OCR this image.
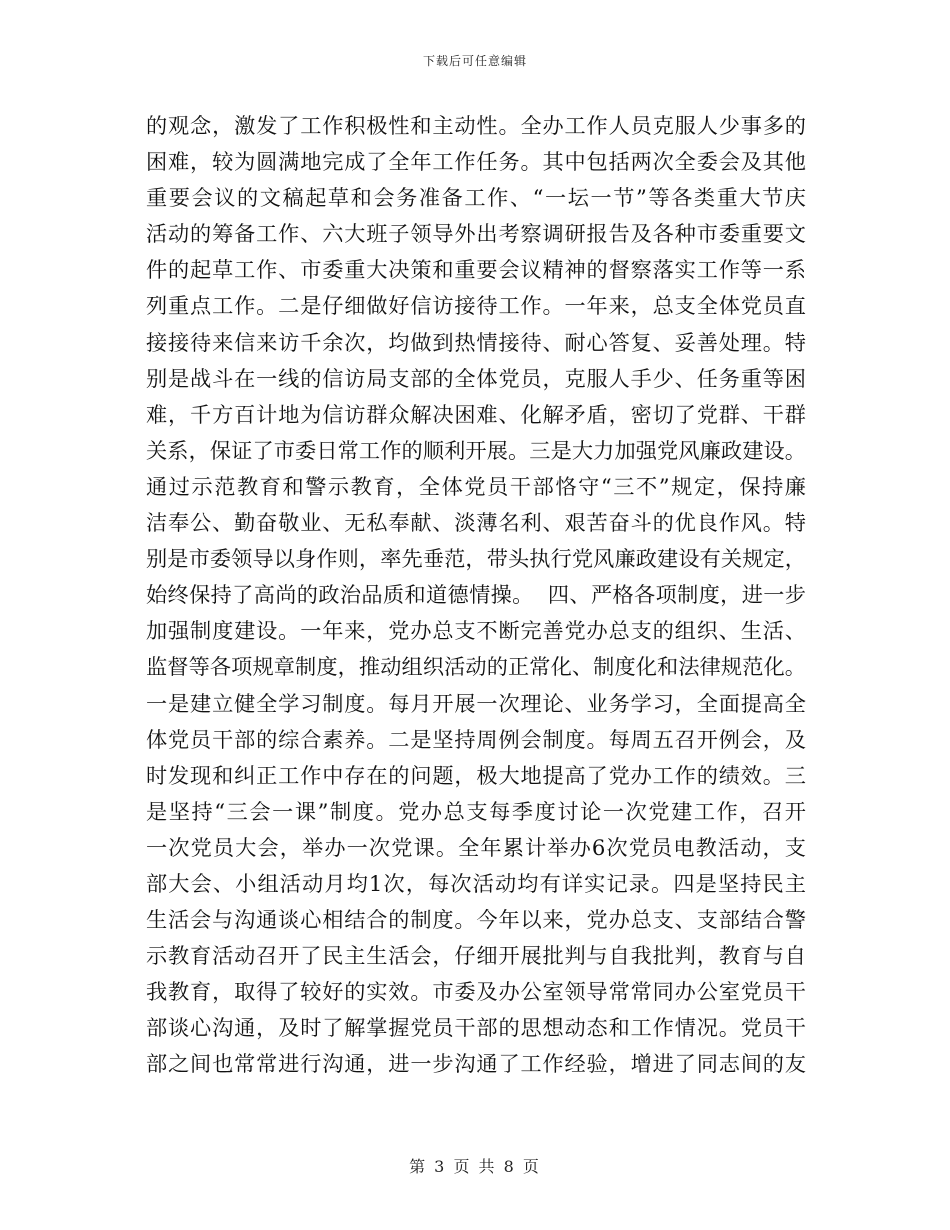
下载后可任意编辑
的观念，激发了工作积极性和主动性。全办工作人员克服人少事多的
困难，较为圆满地完成了全年工作任务。其中包括两次全委会及其他
重要会议的文稿起草和会务准备工作、“一坛一节”等各类重大节庆
活动的筹备工作、六大班子领导外出考察调研报告及各种市委重要文
件的起草工作、市委重大决策和重要会议精神的督察落实工作等一系
列重点工作。二是仔细做好信访接待工作。一年来，总支全体党员直
接接待来信来访千余次，均做到热情接待、耐心答复、妥善处理。特
别是战斗在一线的信访局支部的全体党员，克服人手少、任务重等困
难，千方百计地为信访群众解决困难、化解矛盾，密切了党群、干群
关系，保证了市委日常工作的顺利开展。三是大力加强党风廉政建设。
通过示范教育和警示教育，全体党员干部恪守“三不”规定，保持廉
洁奉公、勤奋敬业、无私奉献、淡薄名利、艰苦奋斗的优良作风。特
别是市委领导以身作则，率先垂范，带头执行党风廉政建设有关规定，
始终保持了高尚的政治品质和道德情操。  四、严格各项制度，进一步
加强制度建设。一年来，党办总支不断完善党办总支的组织、生活、
监督等各项规章制度，推动组织活动的正常化、制度化和法律规范化。
一是建立健全学习制度。每月开展一次理论、业务学习，全面提高全
体党员干部的综合素养。二是坚持周例会制度。每周五召开例会，及
时发现和纠正工作中存在的问题，极大地提高了党办工作的绩效。三
是坚持“三会一课”制度。党办总支每季度讨论一次党建工作，召开
一次党员大会，举办一次党课。全年累计举办6次党员电教活动，支
部大会、小组活动月均1次，每次活动均有详实记录。四是坚持民主
生活会与沟通谈心相结合的制度。今年以来，党办总支、支部结合警
示教育活动召开了民主生活会，仔细开展批判与自我批判，教育与自
我教育，取得了较好的实效。市委及办公室领导常常同办公室党员干
部谈心沟通，及时了解掌握党员干部的思想动态和工作情况。党员干
部之间也常常进行沟通，进一步沟通了工作经验，增进了同志间的友
第 3 页 共 8 页
